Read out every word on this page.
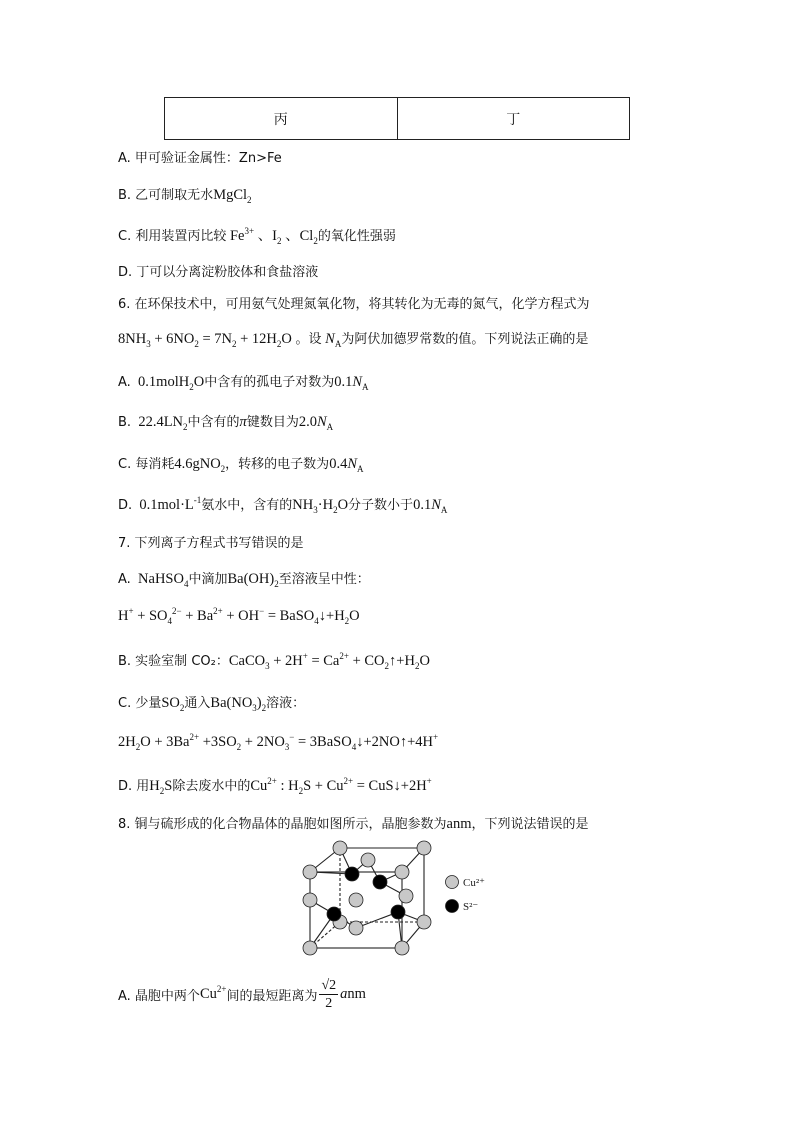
丙	丁
A. 甲可验证金属性：Zn>Fe
B. 乙可制取无水MgCl$_2$
C. 利用装置丙比较 $Fe^{3+}$ 、$I_2$ 、$Cl_2$的氧化性强弱
D. 丁可以分离淀粉胶体和食盐溶液
6. 在环保技术中，可用氨气处理氮氧化物，将其转化为无毒的氮气，化学方程式为
$8NH_3 + 6NO_2 = 7N_2 + 12H_2O$ 。设 $N_A$为阿伏加德罗常数的值。下列说法正确的是
A.  0.1molH$_2$O中含有的孤电子对数为$0.1N_A$
B.  $22.4LN_2$中含有的π键数目为$2.0N_A$
C. 每消耗4.6gNO$_2$，转移的电子数为$0.4N_A$
D.  $0.1mol\cdot L^{-1}$氨水中，含有的$NH_3\cdot H_2O$分子数小于$0.1N_A$
7. 下列离子方程式书写错误的是
A.  NaHSO$_4$中滴加$Ba(OH)_2$至溶液呈中性：
$H^+ + SO_4^{2-} + Ba^{2+} + OH^-$ = $BaSO_4↓+H_2O$
B. 实验室制 CO₂：CaCO$_3$ + $2H^+ = Ca^{2+}$ + $CO_2↑+H_2O$
C. 少量$SO_2$通入$Ba(NO_3)_2$溶液：
$2H_2O + 3Ba^{2+} +3SO_2 + 2NO_3^-$ = 3BaSO$_4$↓+2NO↑+4H+
D. 用$H_2S$除去废水中的$Cu^{2+}$ : $H_2S + Cu^{2+}$ = CuS↓+2H+
8. 铜与硫形成的化合物晶体的晶胞如图所示，晶胞参数为anm，下列说法错误的是
Cu²⁺
S²⁻
A. 晶胞中两个 $Cu^{2+}$ 间的最短距离为
√2
2
a nm
